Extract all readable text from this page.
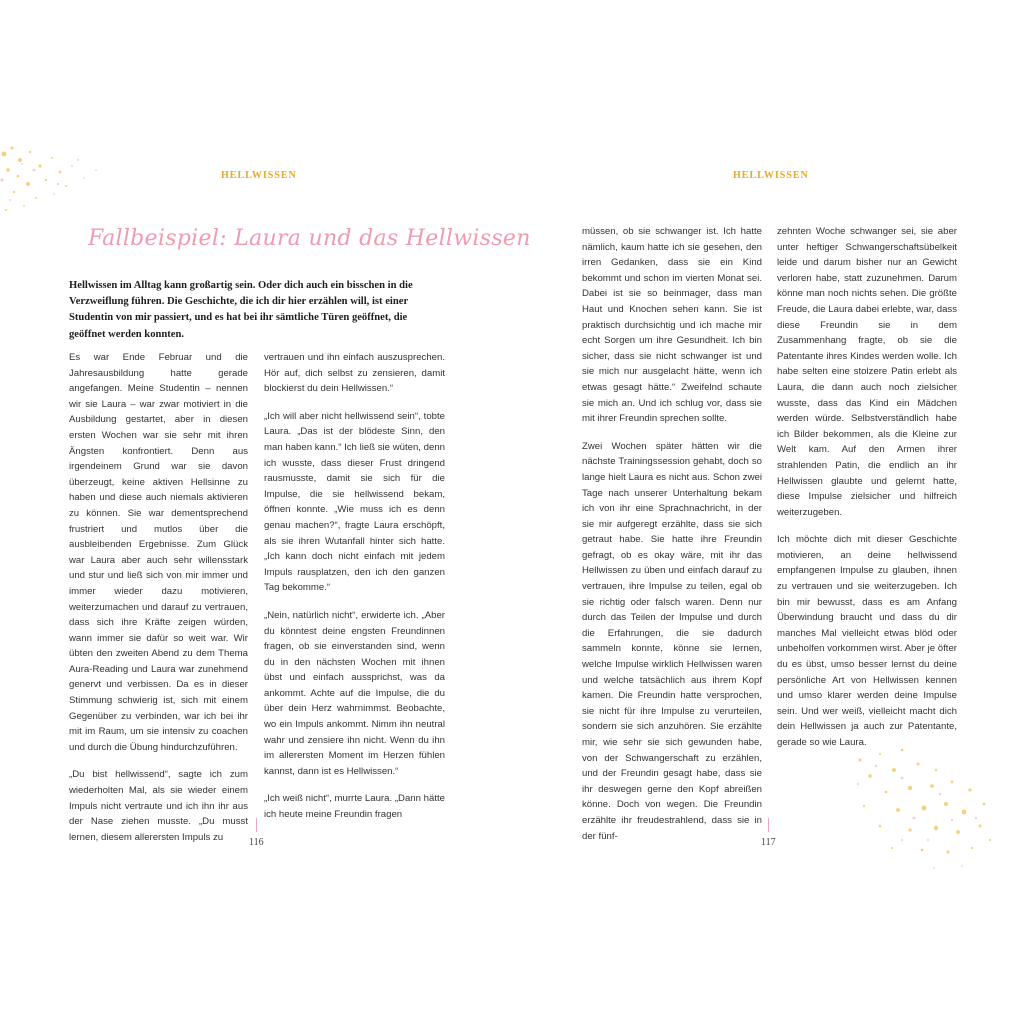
HELLWISSEN
Fallbeispiel: Laura und das Hellwissen
Hellwissen im Alltag kann großartig sein. Oder dich auch ein bisschen in die Verzweiflung führen. Die Geschichte, die ich dir hier erzählen will, ist einer Studentin von mir passiert, und es hat bei ihr sämtliche Türen geöffnet, die geöffnet werden konnten.

Es war Ende Februar und die Jahresausbildung hatte gerade angefangen. Meine Studentin – nennen wir sie Laura – war zwar motiviert in die Ausbildung gestartet, aber in diesen ersten Wochen war sie sehr mit ihren Ängsten konfrontiert. Denn aus irgendeinem Grund war sie davon überzeugt, keine aktiven Hellsinne zu haben und diese auch niemals aktivieren zu können. Sie war dementsprechend frustriert und mutlos über die ausbleibenden Ergebnisse. Zum Glück war Laura aber auch sehr willensstark und stur und ließ sich von mir immer und immer wieder dazu motivieren, weiterzumachen und darauf zu vertrauen, dass sich ihre Kräfte zeigen würden, wann immer sie dafür so weit war. Wir übten den zweiten Abend zu dem Thema Aura-Reading und Laura war zunehmend genervt und verbissen. Da es in dieser Stimmung schwierig ist, sich mit einem Gegenüber zu verbinden, war ich bei ihr mit im Raum, um sie intensiv zu coachen und durch die Übung hindurchzuführen.

„Du bist hellwissend“, sagte ich zum wiederholten Mal, als sie wieder einem Impuls nicht vertraute und ich ihn ihr aus der Nase ziehen musste. „Du musst lernen, diesem allerersten Impuls zu

vertrauen und ihn einfach auszusprechen. Hör auf, dich selbst zu zensieren, damit blockierst du dein Hellwissen.“

„Ich will aber nicht hellwissend sein“, tobte Laura. „Das ist der blödeste Sinn, den man haben kann.“ Ich ließ sie wüten, denn ich wusste, dass dieser Frust dringend rausmusste, damit sie sich für die Impulse, die sie hellwissend bekam, öffnen konnte. „Wie muss ich es denn genau machen?“, fragte Laura erschöpft, als sie ihren Wutanfall hinter sich hatte. „Ich kann doch nicht einfach mit jedem Impuls rausplatzen, den ich den ganzen Tag bekomme.“

„Nein, natürlich nicht“, erwiderte ich. „Aber du könntest deine engsten Freundinnen fragen, ob sie einverstanden sind, wenn du in den nächsten Wochen mit ihnen übst und einfach aussprichst, was da ankommt. Achte auf die Impulse, die du über dein Herz wahrnimmst. Beobachte, wo ein Impuls ankommt. Nimm ihn neutral wahr und zensiere ihn nicht. Wenn du ihn im allerersten Moment im Herzen fühlen kannst, dann ist es Hellwissen.“

„Ich weiß nicht“, murrte Laura. „Dann hätte ich heute meine Freundin fragen

116
HELLWISSEN

müssen, ob sie schwanger ist. Ich hatte nämlich, kaum hatte ich sie gesehen, den irren Gedanken, dass sie ein Kind bekommt und schon im vierten Monat sei. Dabei ist sie so beinmager, dass man Haut und Knochen sehen kann. Sie ist praktisch durchsichtig und ich mache mir echt Sorgen um ihre Gesundheit. Ich bin sicher, dass sie nicht schwanger ist und sie mich nur ausgelacht hätte, wenn ich etwas gesagt hätte.“ Zweifelnd schaute sie mich an. Und ich schlug vor, dass sie mit ihrer Freundin sprechen sollte.

Zwei Wochen später hätten wir die nächste Trainingssession gehabt, doch so lange hielt Laura es nicht aus. Schon zwei Tage nach unserer Unterhaltung bekam ich von ihr eine Sprachnachricht, in der sie mir aufgeregt erzählte, dass sie sich getraut habe. Sie hatte ihre Freundin gefragt, ob es okay wäre, mit ihr das Hellwissen zu üben und einfach darauf zu vertrauen, ihre Impulse zu teilen, egal ob sie richtig oder falsch waren. Denn nur durch das Teilen der Impulse und durch die Erfahrungen, die sie dadurch sammeln konnte, könne sie lernen, welche Impulse wirklich Hellwissen waren und welche tatsächlich aus ihrem Kopf kamen. Die Freundin hatte versprochen, sie nicht für ihre Impulse zu verurteilen, sondern sie sich anzuhören. Sie erzählte mir, wie sehr sie sich gewunden habe, von der Schwangerschaft zu erzählen, und der Freundin gesagt habe, dass sie ihr deswegen gerne den Kopf abreißen könne. Doch von wegen. Die Freundin erzählte ihr freudestrahlend, dass sie in der fünf-

zehnten Woche schwanger sei, sie aber unter heftiger Schwangerschaftsübelkeit leide und darum bisher nur an Gewicht verloren habe, statt zuzunehmen. Darum könne man noch nichts sehen. Die größte Freude, die Laura dabei erlebte, war, dass diese Freundin sie in dem Zusammenhang fragte, ob sie die Patentante ihres Kindes werden wolle. Ich habe selten eine stolzere Patin erlebt als Laura, die dann auch noch zielsicher wusste, dass das Kind ein Mädchen werden würde. Selbstverständlich habe ich Bilder bekommen, als die Kleine zur Welt kam. Auf den Armen ihrer strahlenden Patin, die endlich an ihr Hellwissen glaubte und gelernt hatte, diese Impulse zielsicher und hilfreich weiterzugeben.

Ich möchte dich mit dieser Geschichte motivieren, an deine hellwissend empfangenen Impulse zu glauben, ihnen zu vertrauen und sie weiterzugeben. Ich bin mir bewusst, dass es am Anfang Überwindung braucht und dass du dir manches Mal vielleicht etwas blöd oder unbeholfen vorkommen wirst. Aber je öfter du es übst, umso besser lernst du deine persönliche Art von Hellwissen kennen und umso klarer werden deine Impulse sein. Und wer weiß, vielleicht macht dich dein Hellwissen ja auch zur Patentante, gerade so wie Laura.

117
